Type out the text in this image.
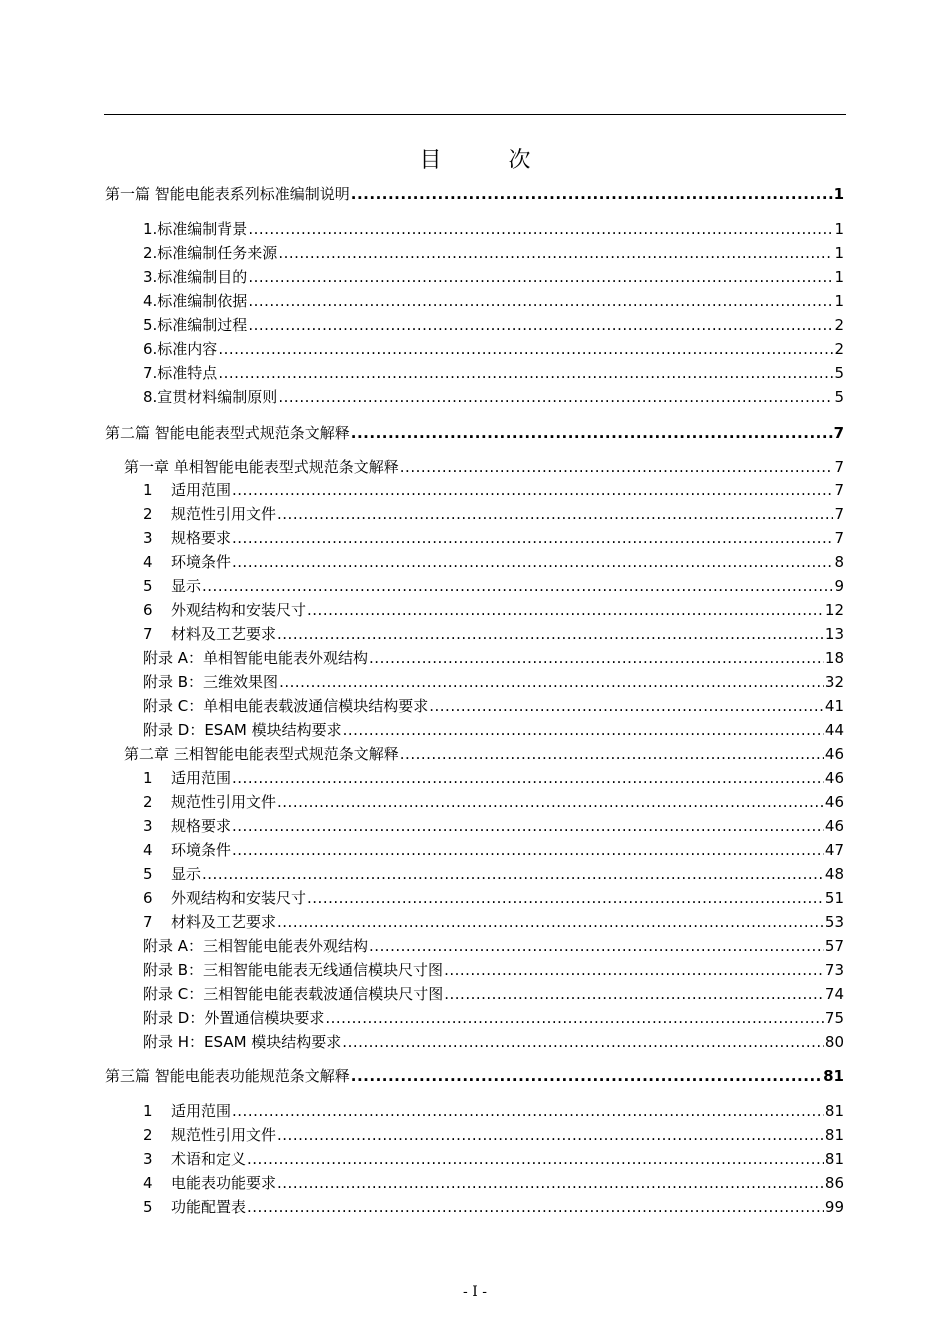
目 次
第一篇 智能电能表系列标准编制说明 .....	1
1.标准编制背景 .....	1
2.标准编制任务来源 .....	1
3.标准编制目的 .....	1
4.标准编制依据 .....	1
5.标准编制过程 .....	2
6.标准内容 .....	2
7.标准特点 .....	5
8.宣贯材料编制原则 .....	5
第二篇 智能电能表型式规范条文解释 .....	7
第一章 单相智能电能表型式规范条文解释 .....	7
1 适用范围 .....	7
2 规范性引用文件 .....	7
3 规格要求 .....	7
4 环境条件 .....	8
5 显示 .....	9
6 外观结构和安装尺寸 .....	12
7 材料及工艺要求 .....	13
附录 A：单相智能电能表外观结构 .....	18
附录 B：三维效果图 .....	32
附录 C：单相电能表载波通信模块结构要求 .....	41
附录 D：ESAM 模块结构要求 .....	44
第二章 三相智能电能表型式规范条文解释 .....	46
1 适用范围 .....	46
2 规范性引用文件 .....	46
3 规格要求 .....	46
4 环境条件 .....	47
5 显示 .....	48
6 外观结构和安装尺寸 .....	51
7 材料及工艺要求 .....	53
附录 A：三相智能电能表外观结构 .....	57
附录 B：三相智能电能表无线通信模块尺寸图 .....	73
附录 C：三相智能电能表载波通信模块尺寸图 .....	74
附录 D：外置通信模块要求 .....	75
附录 H：ESAM 模块结构要求 .....	80
第三篇 智能电能表功能规范条文解释 .....	81
1 适用范围 .....	81
2 规范性引用文件 .....	81
3 术语和定义 .....	81
4 电能表功能要求 .....	86
5 功能配置表 .....	99
- I -
